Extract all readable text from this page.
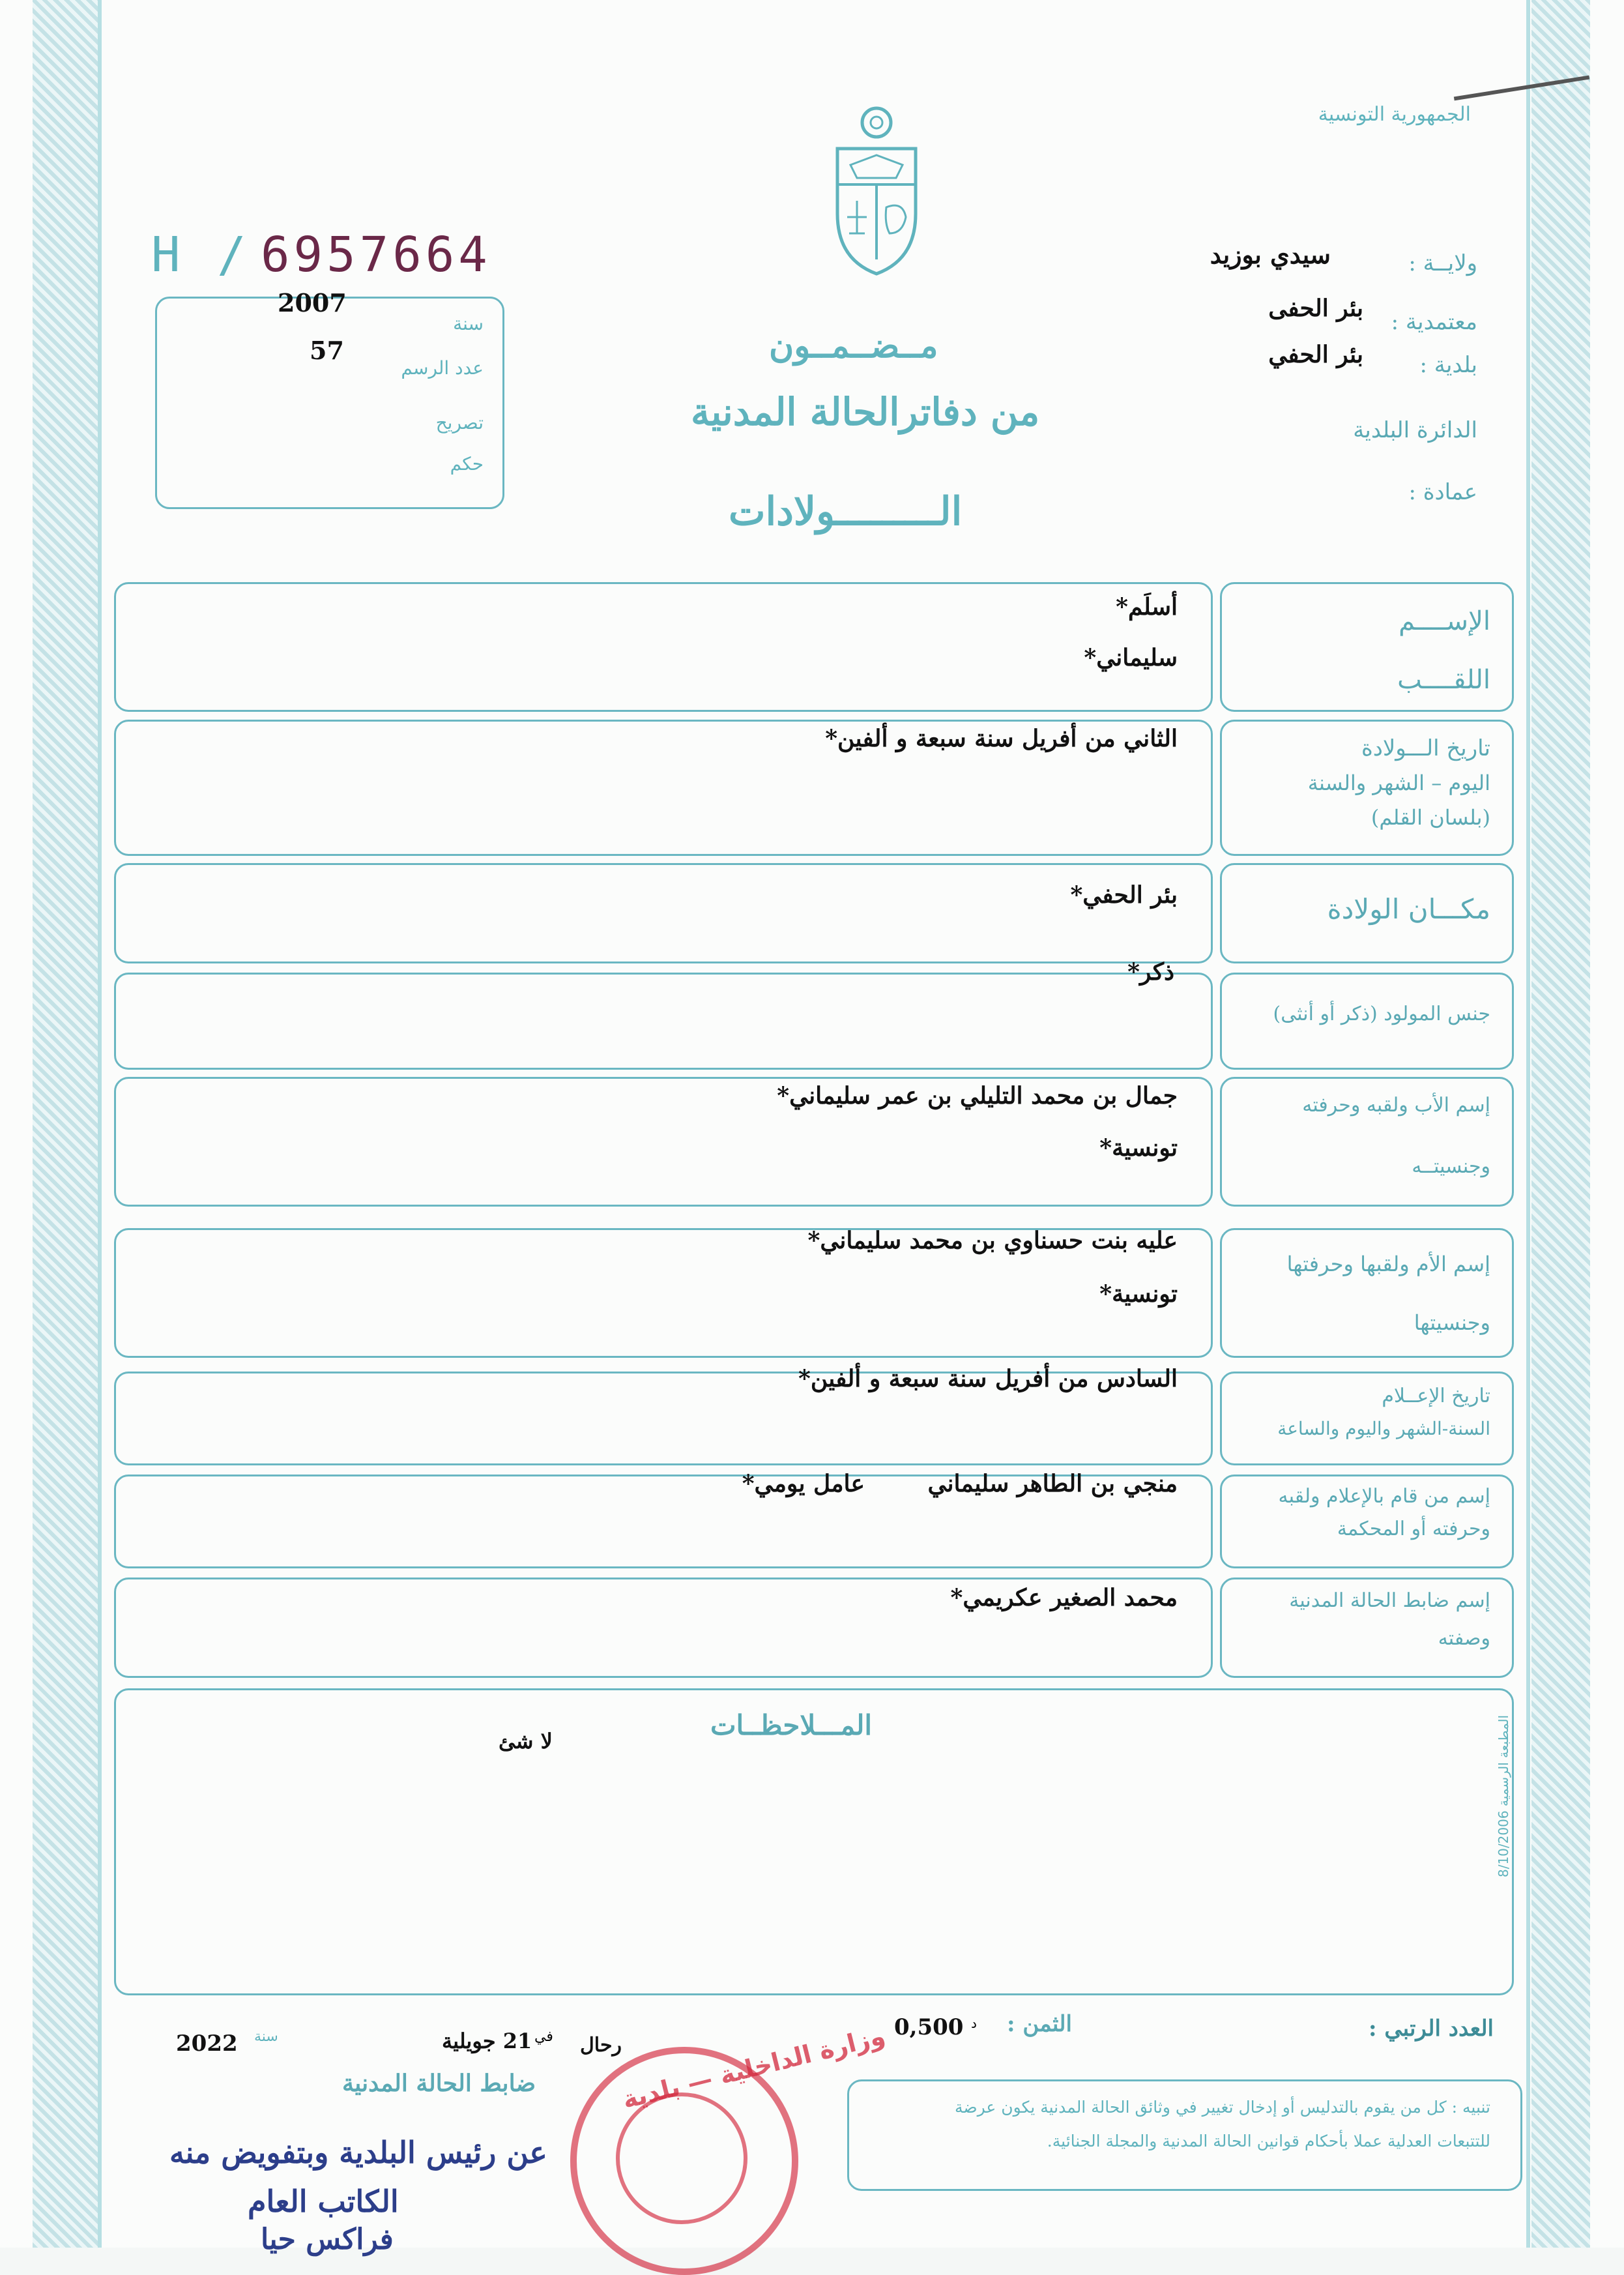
الجمهورية التونسية
ولايــة :
سيدي بوزيد
معتمدية :
بئر الحفى
بلدية :
بئر الحفي
الدائرة البلدية
عمادة :
H / 6957664
2007
57
سنة
عدد الرسم
تصريح
حكم
مــضــمــون
من دفاترالحالة المدنية
الـــــــــولادات
الإســــم
اللقــــب
أسلَم*
سليماني*
تاريخ الـــولادة
اليوم – الشهر والسنة
(بلسان القلم)
الثاني من أفريل سنة سبعة و ألفين*
مكـــان الولادة
بئر الحفي*
جنس المولود (ذكر أو أنثى)
ذكر*
إسم الأب ولقبه وحرفته
وجنسيتــه
جمال بن محمد التليلي بن عمر سليماني*
تونسية*
إسم الأم ولقبها وحرفتها
وجنسيتها
عليه بنت حسناوي بن محمد سليماني*
تونسية*
تاريخ الإعــلام
السنة-الشهر واليوم والساعة
السادس من أفريل سنة سبعة و ألفين*
إسم من قام بالإعلام ولقبه
وحرفته أو المحكمة
منجي بن الطاهر سليماني
عامل يومي*
إسم ضابط الحالة المدنية
وصفته
محمد الصغير عكريمي*
المـــلاحظــات
لا شئ
المطبعة الرسمية 8/10/2006
العدد الرتبي :
الثمن :
0,500 د
رحال
في
21 جويلية
سنة
2022
ضابط الحالة المدنية
عن رئيس البلدية وبتفويض منه
الكاتب العام
فراكس حيا
وزارة الداخلية — بلدية	تنبيه : كل من يقوم بالتدليس أو إدخال تغيير في وثائق الحالة المدنية يكون عرضة
للتتبعات العدلية عملا بأحكام قوانين الحالة المدنية والمجلة الجنائية.
